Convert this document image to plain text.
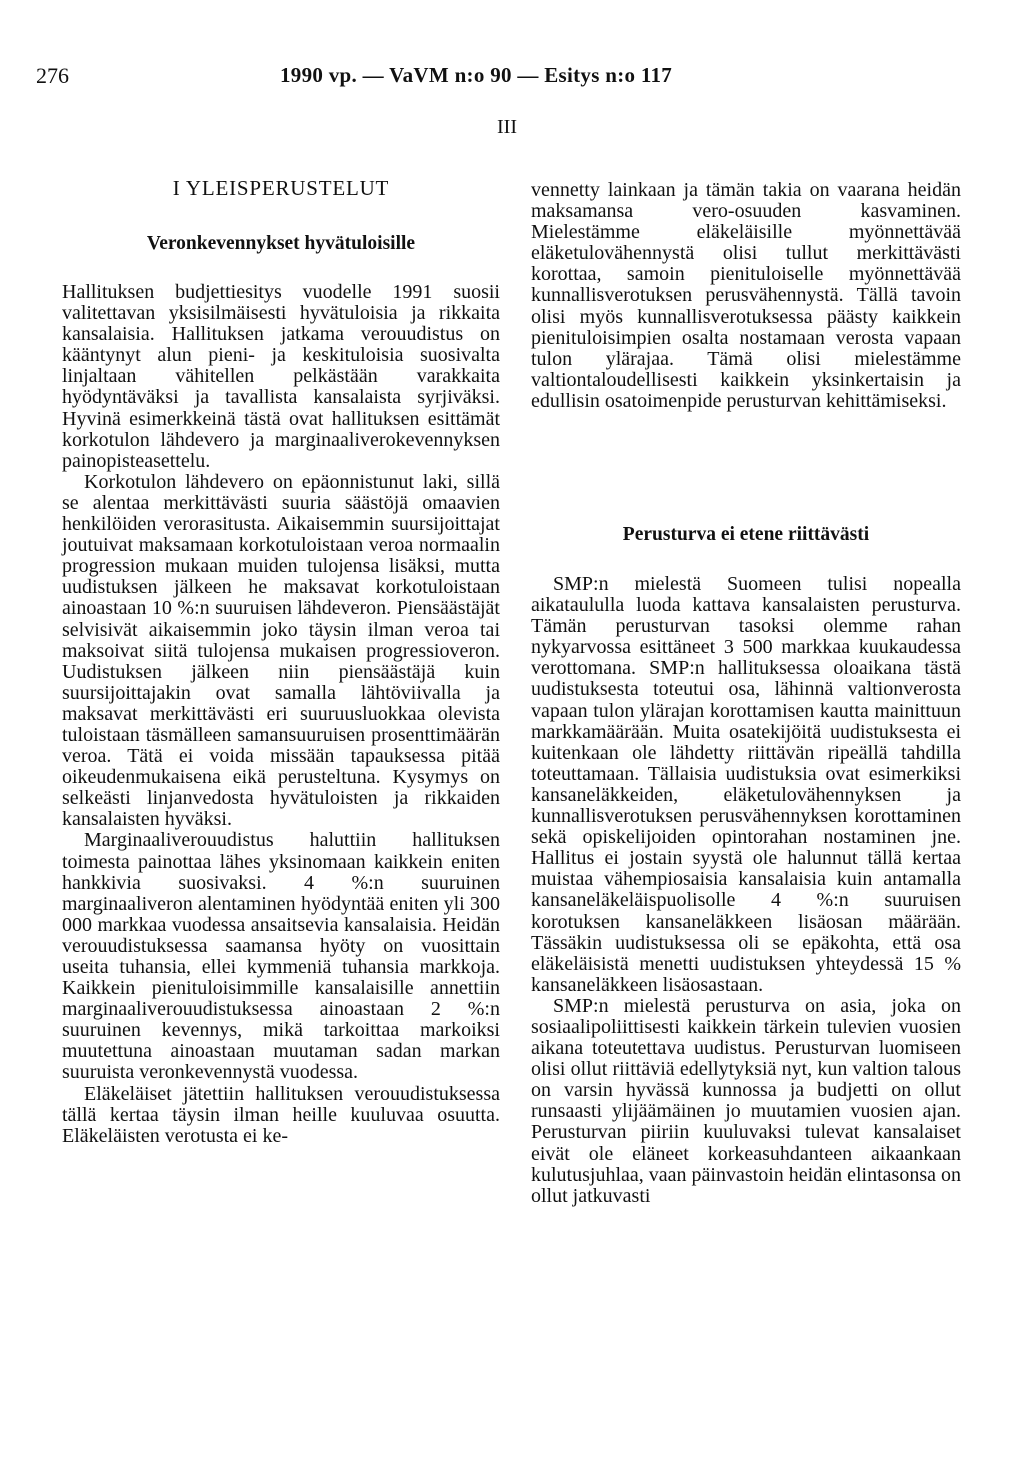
276	1990 vp. — VaVM n:o 90 — Esitys n:o 117
III
I YLEISPERUSTELUT
Veronkevennykset hyvätuloisille

Hallituksen budjettiesitys vuodelle 1991 suosii valitettavan yksisilmäisesti hyvätuloisia ja rikkaita kansalaisia. Hallituksen jatkama verouudistus on kääntynyt alun pieni- ja keskituloisia suosivalta linjaltaan vähitellen pelkästään varakkaita hyödyntäväksi ja tavallista kansalaista syrjiväksi. Hyvinä esimerkkeinä tästä ovat hallituksen esittämät korkotulon lähdevero ja marginaaliverokevennyksen painopisteasettelu.

Korkotulon lähdevero on epäonnistunut laki, sillä se alentaa merkittävästi suuria säästöjä omaavien henkilöiden verorasitusta. Aikaisemmin suursijoittajat joutuivat maksamaan korkotuloistaan veroa normaalin progression mukaan muiden tulojensa lisäksi, mutta uudistuksen jälkeen he maksavat korkotuloistaan ainoastaan 10 %:n suuruisen lähdeveron. Piensäästäjät selvisivät aikaisemmin joko täysin ilman veroa tai maksoivat siitä tulojensa mukaisen progressioveron. Uudistuksen jälkeen niin piensäästäjä kuin suursijoittajakin ovat samalla lähtöviivalla ja maksavat merkittävästi eri suuruusluokkaa olevista tuloistaan täsmälleen samansuuruisen prosenttimäärän veroa. Tätä ei voida missään tapauksessa pitää oikeudenmukaisena eikä perusteltuna. Kysymys on selkeästi linjanvedosta hyvätuloisten ja rikkaiden kansalaisten hyväksi.

Marginaaliverouudistus haluttiin hallituksen toimesta painottaa lähes yksinomaan kaikkein eniten hankkivia suosivaksi. 4 %:n suuruinen marginaaliveron alentaminen hyödyntää eniten yli 300 000 markkaa vuodessa ansaitsevia kansalaisia. Heidän verouudistuksessa saamansa hyöty on vuosittain useita tuhansia, ellei kymmeniä tuhansia markkoja. Kaikkein pienituloisimmille kansalaisille annettiin marginaaliverouudistuksessa ainoastaan 2 %:n suuruinen kevennys, mikä tarkoittaa markoiksi muutettuna ainoastaan muutaman sadan markan suuruista veronkevennystä vuodessa.

Eläkeläiset jätettiin hallituksen verouudistuksessa tällä kertaa täysin ilman heille kuuluvaa osuutta. Eläkeläisten verotusta ei ke-

vennetty lainkaan ja tämän takia on vaarana heidän maksamansa vero-osuuden kasvaminen. Mielestämme eläkeläisille myönnettävää eläketulovähennystä olisi tullut merkittävästi korottaa, samoin pienituloiselle myönnettävää kunnallisverotuksen perusvähennystä. Tällä tavoin olisi myös kunnallisverotuksessa päästy kaikkein pienituloisimpien osalta nostamaan verosta vapaan tulon ylärajaa. Tämä olisi mielestämme valtiontaloudellisesti kaikkein yksinkertaisin ja edullisin osatoimenpide perusturvan kehittämiseksi.

Perusturva ei etene riittävästi

SMP:n mielestä Suomeen tulisi nopealla aikataululla luoda kattava kansalaisten perusturva. Tämän perusturvan tasoksi olemme rahan nykyarvossa esittäneet 3 500 markkaa kuukaudessa verottomana. SMP:n hallituksessa oloaikana tästä uudistuksesta toteutui osa, lähinnä valtionverosta vapaan tulon ylärajan korottamisen kautta mainittuun markkamäärään. Muita osatekijöitä uudistuksesta ei kuitenkaan ole lähdetty riittävän ripeällä tahdilla toteuttamaan. Tällaisia uudistuksia ovat esimerkiksi kansaneläkkeiden, eläketulovähennyksen ja kunnallisverotuksen perusvähennyksen korottaminen sekä opiskelijoiden opintorahan nostaminen jne. Hallitus ei jostain syystä ole halunnut tällä kertaa muistaa vähempiosaisia kansalaisia kuin antamalla kansaneläkeläispuolisolle 4 %:n suuruisen korotuksen kansaneläkkeen lisäosan määrään. Tässäkin uudistuksessa oli se epäkohta, että osa eläkeläisistä menetti uudistuksen yhteydessä 15 % kansaneläkkeen lisäosastaan.

SMP:n mielestä perusturva on asia, joka on sosiaalipoliittisesti kaikkein tärkein tulevien vuosien aikana toteutettava uudistus. Perusturvan luomiseen olisi ollut riittäviä edellytyksiä nyt, kun valtion talous on varsin hyvässä kunnossa ja budjetti on ollut runsaasti ylijäämäinen jo muutamien vuosien ajan. Perusturvan piiriin kuuluvaksi tulevat kansalaiset eivät ole eläneet korkeasuhdanteen aikaankaan kulutusjuhlaa, vaan päinvastoin heidän elintasonsa on ollut jatkuvasti
